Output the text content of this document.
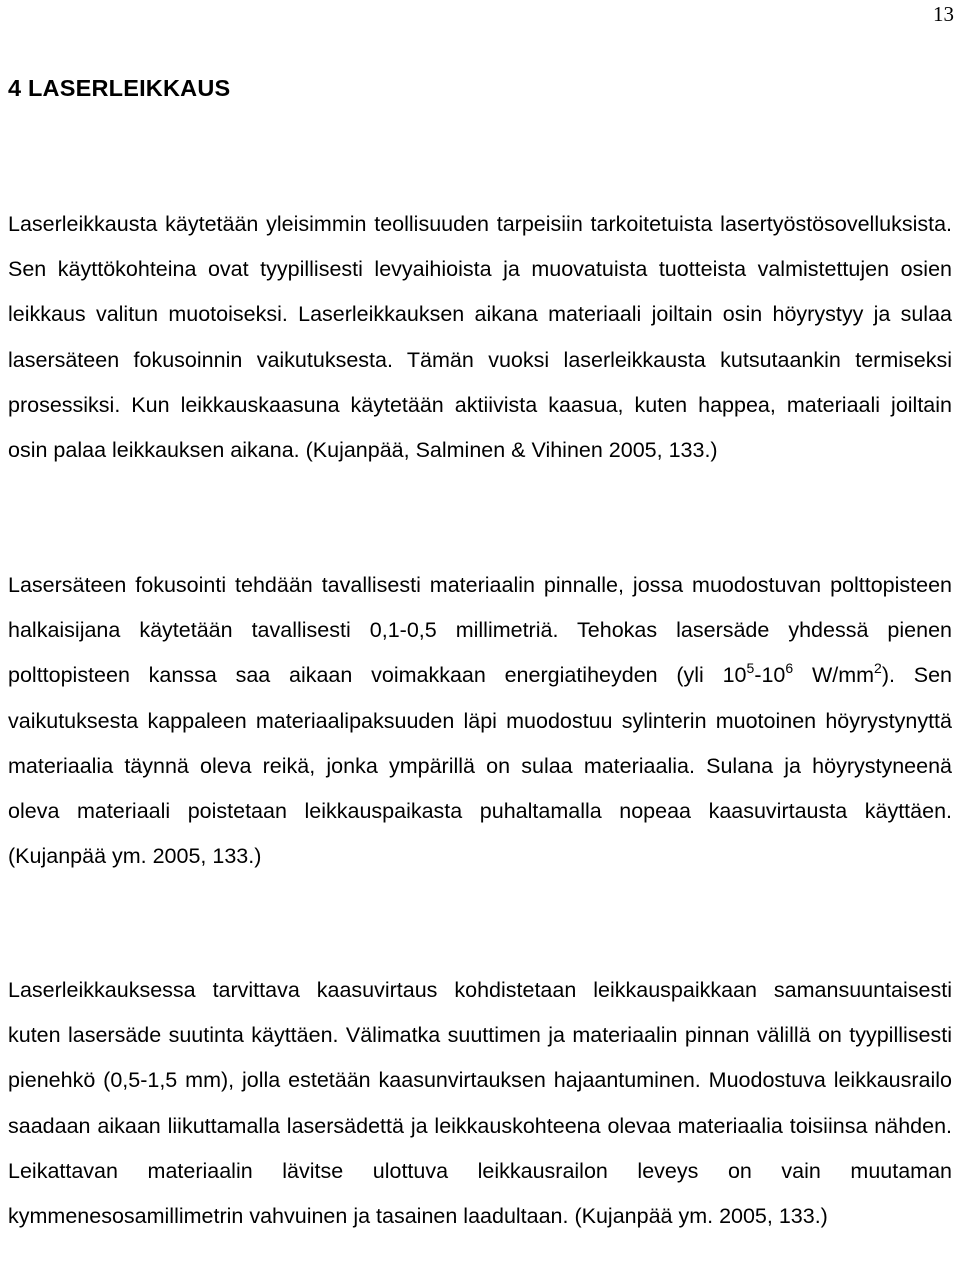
13
4 LASERLEIKKAUS

Laserleikkausta käytetään yleisimmin teollisuuden tarpeisiin tarkoitetuista lasertyöstösovelluksista. Sen käyttökohteina ovat tyypillisesti levyaihioista ja muovatuista tuotteista valmistettujen osien leikkaus valitun muotoiseksi. Laserleikkauksen aikana materiaali joiltain osin höyrystyy ja sulaa lasersäteen fokusoinnin vaikutuksesta. Tämän vuoksi laserleikkausta kutsutaankin termiseksi prosessiksi. Kun leikkauskaasuna käytetään aktiivista kaasua, kuten happea, materiaali joiltain osin palaa leikkauksen aikana. (Kujanpää, Salminen & Vihinen 2005, 133.)

Lasersäteen fokusointi tehdään tavallisesti materiaalin pinnalle, jossa muodostuvan polttopisteen halkaisijana käytetään tavallisesti 0,1-0,5 millimetriä. Tehokas lasersäde yhdessä pienen polttopisteen kanssa saa aikaan voimakkaan energiatiheyden (yli $10^5-10^6$ $W/mm^2$). Sen vaikutuksesta kappaleen materiaalipaksuuden läpi muodostuu sylinterin muotoinen höyrystynyttä materiaalia täynnä oleva reikä, jonka ympärillä on sulaa materiaalia. Sulana ja höyrystyneenä oleva materiaali poistetaan leikkauspaikasta puhaltamalla nopeaa kaasuvirtausta käyttäen. (Kujanpää ym. 2005, 133.)

Laserleikkauksessa tarvittava kaasuvirtaus kohdistetaan leikkauspaikkaan samansuuntaisesti kuten lasersäde suutinta käyttäen. Välimatka suuttimen ja materiaalin pinnan välillä on tyypillisesti pienehkö (0,5-1,5 mm), jolla estetään kaasunvirtauksen hajaantuminen. Muodostuva leikkausrailo saadaan aikaan liikuttamalla lasersädettä ja leikkauskohteena olevaa materiaalia toisiinsa nähden. Leikattavan materiaalin lävitse ulottuva leikkausrailon leveys on vain muutaman kymmenesosamillimetrin vahvuinen ja tasainen laadultaan. (Kujanpää ym. 2005, 133.)
